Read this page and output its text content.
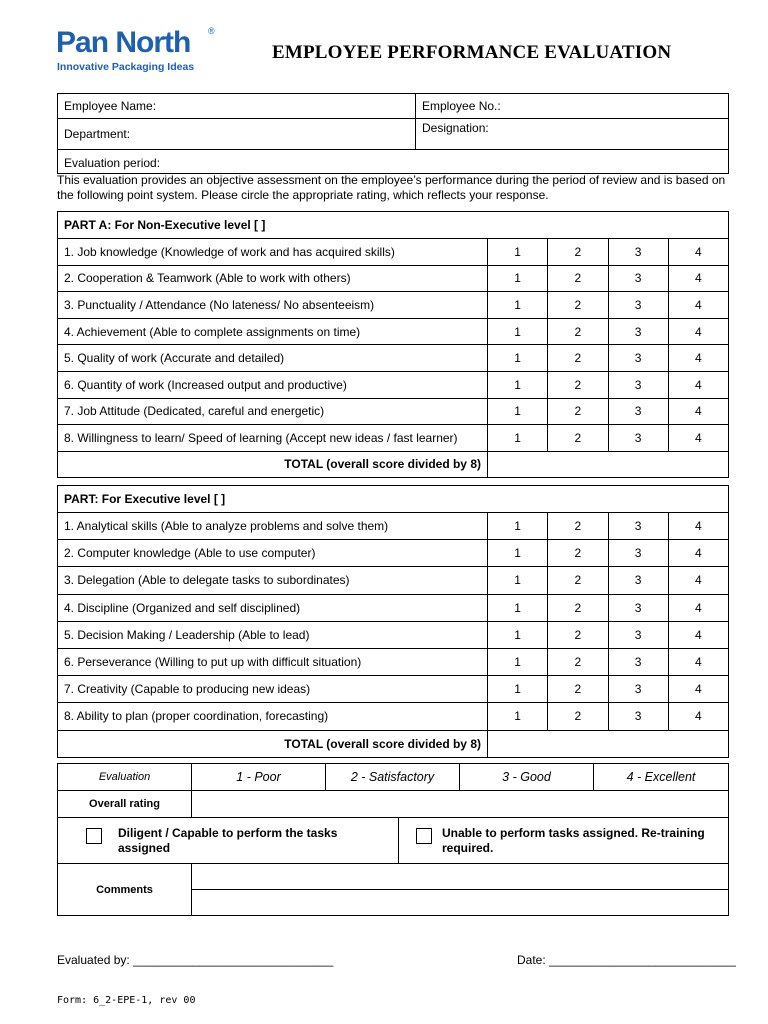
Pan North ®
Innovative Packaging Ideas
EMPLOYEE PERFORMANCE EVALUATION
Employee Name:	Employee No.:
Department:	Designation:
Evaluation period:	
This evaluation provides an objective assessment on the employee’s performance during the period of review and is based on the following point system. Please circle the appropriate rating, which reflects your response.
PART A: For Non-Executive level [ ]				
1. Job knowledge (Knowledge of work and has acquired skills)	1	2	3	4
2. Cooperation & Teamwork (Able to work with others)	1	2	3	4
3. Punctuality / Attendance (No lateness/ No absenteeism)	1	2	3	4
4. Achievement (Able to complete assignments on time)	1	2	3	4
5. Quality of work (Accurate and detailed)	1	2	3	4
6. Quantity of work (Increased output and productive)	1	2	3	4
7. Job Attitude (Dedicated, careful and energetic)	1	2	3	4
8. Willingness to learn/ Speed of learning (Accept new ideas / fast learner)	1	2	3	4
TOTAL (overall score divided by 8)				
PART: For Executive level [ ]				
1. Analytical skills (Able to analyze problems and solve them)	1	2	3	4
2. Computer knowledge (Able to use computer)	1	2	3	4
3. Delegation (Able to delegate tasks to subordinates)	1	2	3	4
4. Discipline (Organized and self disciplined)	1	2	3	4
5. Decision Making / Leadership (Able to lead)	1	2	3	4
6. Perseverance (Willing to put up with difficult situation)	1	2	3	4
7. Creativity (Capable to producing new ideas)	1	2	3	4
8. Ability to plan (proper coordination, forecasting)	1	2	3	4
TOTAL (overall score divided by 8)				
Evaluation	1 - Poor	2 - Satisfactory	3 - Good	4 - Excellent
Overall rating				
Diligent / Capable to perform the tasks assigned

Unable to perform tasks assigned. Re-training required.
Comments	

Evaluated by: ______________________________	Date: ____________________________
Form: 6_2-EPE-1, rev 00
